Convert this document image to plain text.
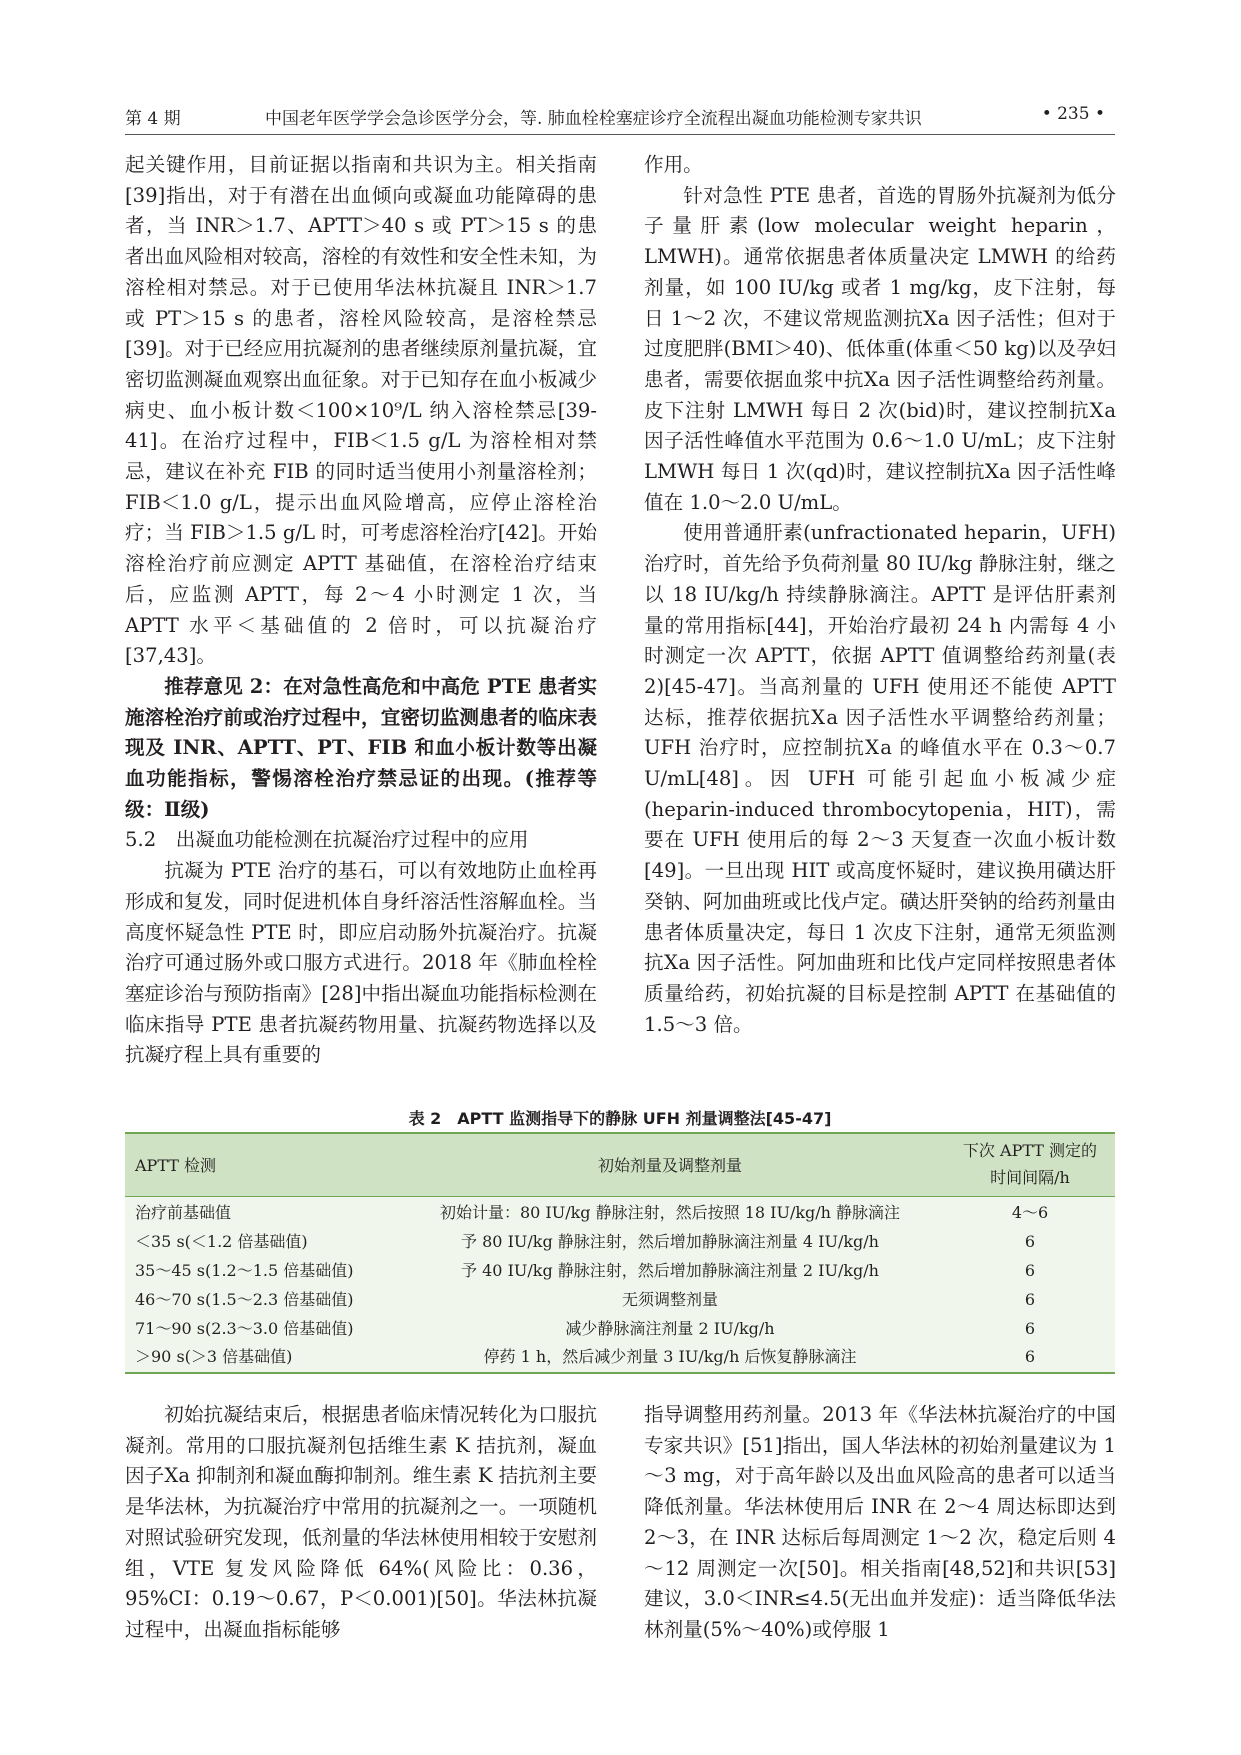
第 4 期	中国老年医学学会急诊医学分会，等. 肺血栓栓塞症诊疗全流程出凝血功能检测专家共识	• 235 •

起关键作用，目前证据以指南和共识为主。相关指南[39]指出，对于有潜在出血倾向或凝血功能障碍的患者，当 INR＞1.7、APTT＞40 s 或 PT＞15 s 的患者出血风险相对较高，溶栓的有效性和安全性未知，为溶栓相对禁忌。对于已使用华法林抗凝且 INR＞1.7 或 PT＞15 s 的患者，溶栓风险较高，是溶栓禁忌[39]。对于已经应用抗凝剂的患者继续原剂量抗凝，宜密切监测凝血观察出血征象。对于已知存在血小板减少病史、血小板计数＜100×10⁹/L 纳入溶栓禁忌[39-41]。在治疗过程中，FIB＜1.5 g/L 为溶栓相对禁忌，建议在补充 FIB 的同时适当使用小剂量溶栓剂；FIB＜1.0 g/L，提示出血风险增高，应停止溶栓治疗；当 FIB＞1.5 g/L 时，可考虑溶栓治疗[42]。开始溶栓治疗前应测定 APTT 基础值，在溶栓治疗结束后，应监测 APTT，每 2～4 小时测定 1 次，当 APTT 水平＜基础值的 2 倍时，可以抗凝治疗[37,43]。

推荐意见 2：在对急性高危和中高危 PTE 患者实施溶栓治疗前或治疗过程中，宜密切监测患者的临床表现及 INR、APTT、PT、FIB 和血小板计数等出凝血功能指标，警惕溶栓治疗禁忌证的出现。(推荐等级：Ⅱ级)

5.2　出凝血功能检测在抗凝治疗过程中的应用

抗凝为 PTE 治疗的基石，可以有效地防止血栓再形成和复发，同时促进机体自身纤溶活性溶解血栓。当高度怀疑急性 PTE 时，即应启动肠外抗凝治疗。抗凝治疗可通过肠外或口服方式进行。2018 年《肺血栓栓塞症诊治与预防指南》[28]中指出凝血功能指标检测在临床指导 PTE 患者抗凝药物用量、抗凝药物选择以及抗凝疗程上具有重要的

作用。

针对急性 PTE 患者，首选的胃肠外抗凝剂为低分子量肝素(low molecular weight heparin，LMWH)。通常依据患者体质量决定 LMWH 的给药剂量，如 100 IU/kg 或者 1 mg/kg，皮下注射，每日 1～2 次，不建议常规监测抗Ⅹa 因子活性；但对于过度肥胖(BMI＞40)、低体重(体重＜50 kg)以及孕妇患者，需要依据血浆中抗Ⅹa 因子活性调整给药剂量。皮下注射 LMWH 每日 2 次(bid)时，建议控制抗Ⅹa 因子活性峰值水平范围为 0.6～1.0 U/mL；皮下注射 LMWH 每日 1 次(qd)时，建议控制抗Ⅹa 因子活性峰值在 1.0～2.0 U/mL。

使用普通肝素(unfractionated heparin，UFH)治疗时，首先给予负荷剂量 80 IU/kg 静脉注射，继之以 18 IU/kg/h 持续静脉滴注。APTT 是评估肝素剂量的常用指标[44]，开始治疗最初 24 h 内需每 4 小时测定一次 APTT，依据 APTT 值调整给药剂量(表 2)[45-47]。当高剂量的 UFH 使用还不能使 APTT 达标，推荐依据抗Ⅹa 因子活性水平调整给药剂量；UFH 治疗时，应控制抗Ⅹa 的峰值水平在 0.3～0.7 U/mL[48]。因 UFH 可能引起血小板减少症(heparin-induced thrombocytopenia，HIT)，需要在 UFH 使用后的每 2～3 天复查一次血小板计数[49]。一旦出现 HIT 或高度怀疑时，建议换用磺达肝癸钠、阿加曲班或比伐卢定。磺达肝癸钠的给药剂量由患者体质量决定，每日 1 次皮下注射，通常无须监测抗Ⅹa 因子活性。阿加曲班和比伐卢定同样按照患者体质量给药，初始抗凝的目标是控制 APTT 在基础值的 1.5～3 倍。

表 2　APTT 监测指导下的静脉 UFH 剂量调整法[45-47]
APTT 检测	初始剂量及调整剂量
下次 APTT 测定的
时间间隔/h
治疗前基础值	初始计量：80 IU/kg 静脉注射，然后按照 18 IU/kg/h 静脉滴注	4～6
＜35 s(＜1.2 倍基础值)	予 80 IU/kg 静脉注射，然后增加静脉滴注剂量 4 IU/kg/h	6
35～45 s(1.2～1.5 倍基础值)	予 40 IU/kg 静脉注射，然后增加静脉滴注剂量 2 IU/kg/h	6
46～70 s(1.5～2.3 倍基础值)	无须调整剂量	6
71～90 s(2.3～3.0 倍基础值)	减少静脉滴注剂量 2 IU/kg/h	6
＞90 s(＞3 倍基础值)	停药 1 h，然后减少剂量 3 IU/kg/h 后恢复静脉滴注	6

初始抗凝结束后，根据患者临床情况转化为口服抗凝剂。常用的口服抗凝剂包括维生素 K 拮抗剂，凝血因子Ⅹa 抑制剂和凝血酶抑制剂。维生素 K 拮抗剂主要是华法林，为抗凝治疗中常用的抗凝剂之一。一项随机对照试验研究发现，低剂量的华法林使用相较于安慰剂组，VTE 复发风险降低 64%(风险比：0.36，95%CI：0.19～0.67，P＜0.001)[50]。华法林抗凝过程中，出凝血指标能够

指导调整用药剂量。2013 年《华法林抗凝治疗的中国专家共识》[51]指出，国人华法林的初始剂量建议为 1～3 mg，对于高年龄以及出血风险高的患者可以适当降低剂量。华法林使用后 INR 在 2～4 周达标即达到 2～3，在 INR 达标后每周测定 1～2 次，稳定后则 4～12 周测定一次[50]。相关指南[48,52]和共识[53]建议，3.0＜INR≤4.5(无出血并发症)：适当降低华法林剂量(5%～40%)或停服 1
